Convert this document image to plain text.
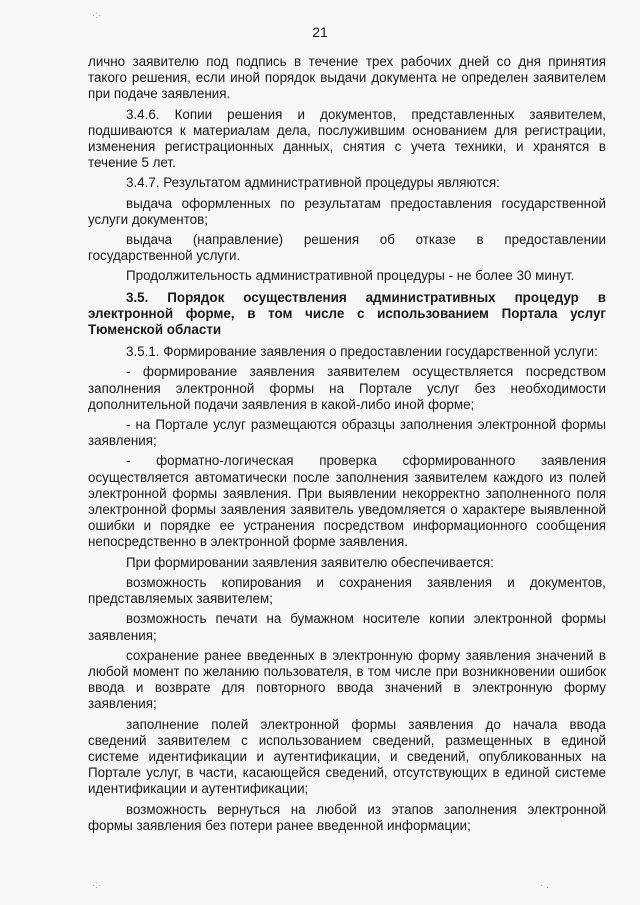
·:·
21

лично заявителю под подпись в течение трех рабочих дней со дня принятия такого решения, если иной порядок выдачи документа не определен заявителем при подаче заявления.

3.4.6. Копии решения и документов, представленных заявителем, подшиваются к материалам дела, послужившим основанием для регистрации, изменения регистрационных данных, снятия с учета техники, и хранятся в течение 5 лет.

3.4.7. Результатом административной процедуры являются:

выдача оформленных по результатам предоставления государственной услуги документов;

выдача (направление) решения об отказе в предоставлении государственной услуги.

Продолжительность административной процедуры - не более 30 минут.

3.5. Порядок осуществления административных процедур в электронной форме, в том числе с использованием Портала услуг Тюменской области

3.5.1. Формирование заявления о предоставлении государственной услуги:

- формирование заявления заявителем осуществляется посредством заполнения электронной формы на Портале услуг без необходимости дополнительной подачи заявления в какой-либо иной форме;

- на Портале услуг размещаются образцы заполнения электронной формы заявления;

- форматно-логическая проверка сформированного заявления осуществляется автоматически после заполнения заявителем каждого из полей электронной формы заявления. При выявлении некорректно заполненного поля электронной формы заявления заявитель уведомляется о характере выявленной ошибки и порядке ее устранения посредством информационного сообщения непосредственно в электронной форме заявления.

При формировании заявления заявителю обеспечивается:

возможность копирования и сохранения заявления и документов, представляемых заявителем;

возможность печати на бумажном носителе копии электронной формы заявления;

сохранение ранее введенных в электронную форму заявления значений в любой момент по желанию пользователя, в том числе при возникновении ошибок ввода и возврате для повторного ввода значений в электронную форму заявления;

заполнение полей электронной формы заявления до начала ввода сведений заявителем с использованием сведений, размещенных в единой системе идентификации и аутентификации, и сведений, опубликованных на Портале услуг, в части, касающейся сведений, отсутствующих в единой системе идентификации и аутентификации;

возможность вернуться на любой из этапов заполнения электронной формы заявления без потери ранее введенной информации;

·:·	· .
